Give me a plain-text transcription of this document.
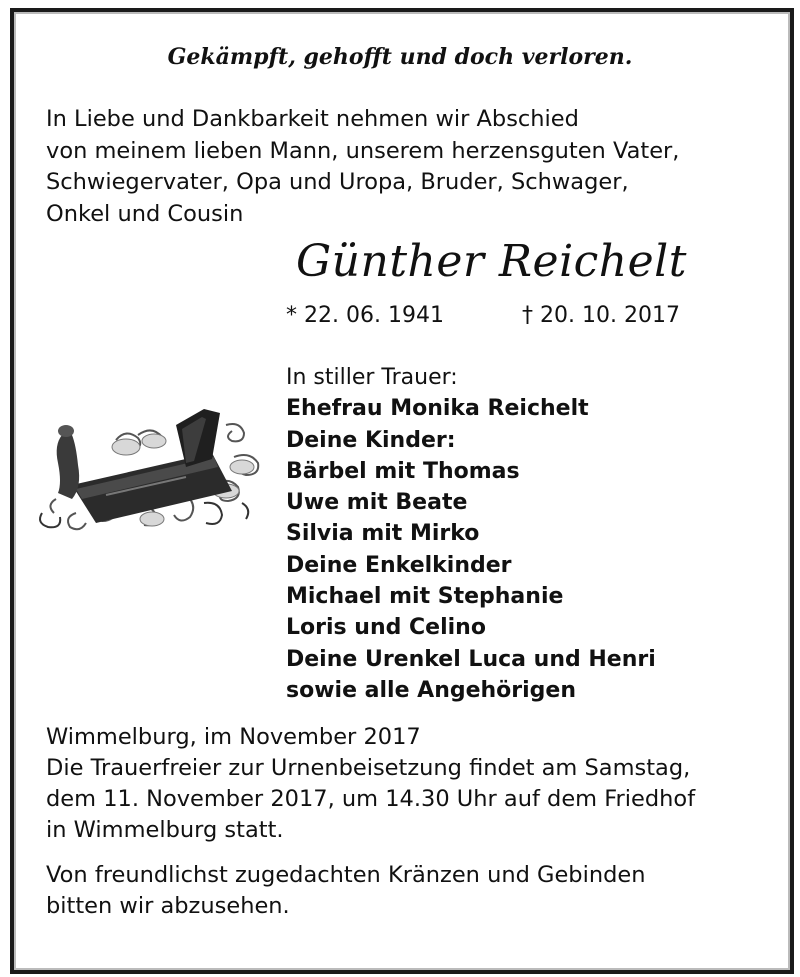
Gekämpft, gehofft und doch verloren.
In Liebe und Dankbarkeit nehmen wir Abschied
von meinem lieben Mann, unserem herzensguten Vater,
Schwiegervater, Opa und Uropa, Bruder, Schwager,
Onkel und Cousin
Günther Reichelt
* 22. 06. 1941	† 20. 10. 2017
In stiller Trauer:
Ehefrau Monika Reichelt
Deine Kinder:
Bärbel mit Thomas
Uwe mit Beate
Silvia mit Mirko
Deine Enkelkinder
Michael mit Stephanie
Loris und Celino
Deine Urenkel Luca und Henri
sowie alle Angehörigen
Wimmelburg, im November 2017
Die Trauerfreier zur Urnenbeisetzung findet am Samstag,
dem 11. November 2017, um 14.30 Uhr auf dem Friedhof
in Wimmelburg statt.
Von freundlichst zugedachten Kränzen und Gebinden
bitten wir abzusehen.
